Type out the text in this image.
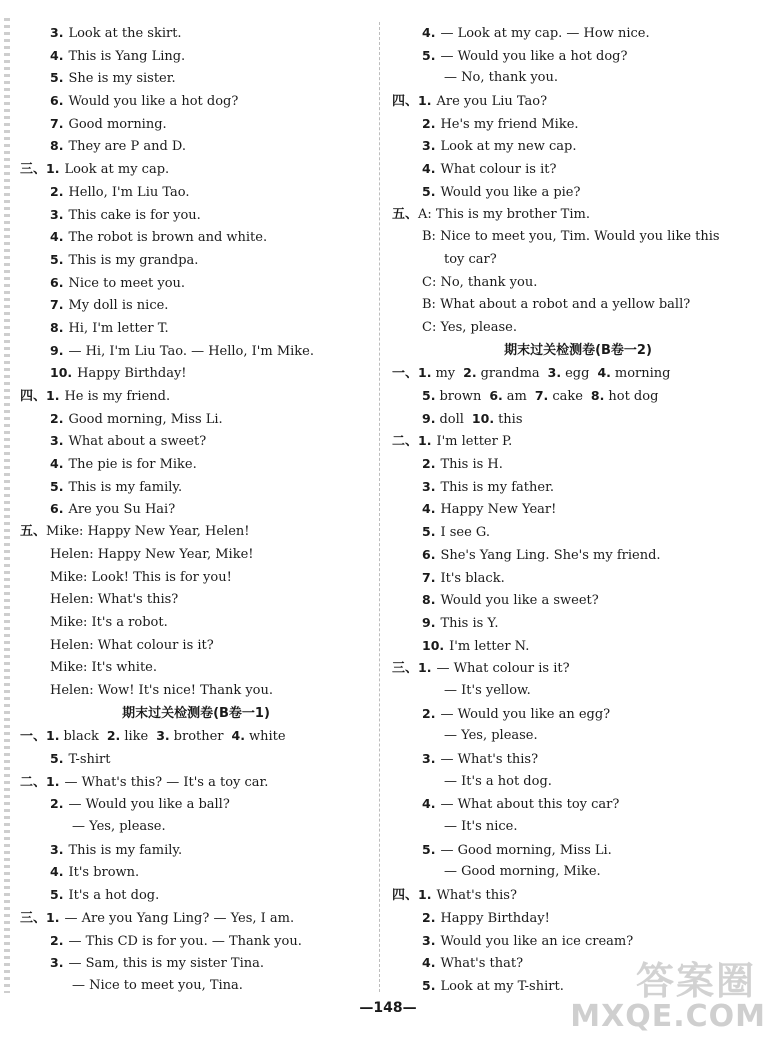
3. Look at the skirt.
4. This is Yang Ling.
5. She is my sister.
6. Would you like a hot dog?
7. Good morning.
8. They are P and D.
三、1. Look at my cap.
2. Hello, I'm Liu Tao.
3. This cake is for you.
4. The robot is brown and white.
5. This is my grandpa.
6. Nice to meet you.
7. My doll is nice.
8. Hi, I'm letter T.
9. — Hi, I'm Liu Tao. — Hello, I'm Mike.
10. Happy Birthday!
四、1. He is my friend.
2. Good morning, Miss Li.
3. What about a sweet?
4. The pie is for Mike.
5. This is my family.
6. Are you Su Hai?
五、Mike: Happy New Year, Helen!
Helen: Happy New Year, Mike!
Mike: Look! This is for you!
Helen: What's this?
Mike: It's a robot.
Helen: What colour is it?
Mike: It's white.
Helen: Wow! It's nice! Thank you.
期末过关检测卷(B卷一1)
一、1. black 2. like 3. brother 4. white
5. T-shirt
二、1. — What's this? — It's a toy car.
2. — Would you like a ball?
— Yes, please.
3. This is my family.
4. It's brown.
5. It's a hot dog.
三、1. — Are you Yang Ling? — Yes, I am.
2. — This CD is for you. — Thank you.
3. — Sam, this is my sister Tina.
— Nice to meet you, Tina.
4. — Look at my cap. — How nice.
5. — Would you like a hot dog?
— No, thank you.
四、1. Are you Liu Tao?
2. He's my friend Mike.
3. Look at my new cap.
4. What colour is it?
5. Would you like a pie?
五、A: This is my brother Tim.
B: Nice to meet you, Tim. Would you like this
toy car?
C: No, thank you.
B: What about a robot and a yellow ball?
C: Yes, please.
期末过关检测卷(B卷一2)
一、1. my 2. grandma 3. egg 4. morning
5. brown 6. am 7. cake 8. hot dog
9. doll 10. this
二、1. I'm letter P.
2. This is H.
3. This is my father.
4. Happy New Year!
5. I see G.
6. She's Yang Ling. She's my friend.
7. It's black.
8. Would you like a sweet?
9. This is Y.
10. I'm letter N.
三、1. — What colour is it?
— It's yellow.
2. — Would you like an egg?
— Yes, please.
3. — What's this?
— It's a hot dog.
4. — What about this toy car?
— It's nice.
5. — Good morning, Miss Li.
— Good morning, Mike.
四、1. What's this?
2. Happy Birthday!
3. Would you like an ice cream?
4. What's that?
5. Look at my T-shirt.
—148—
答案圈
MXQE.COM
